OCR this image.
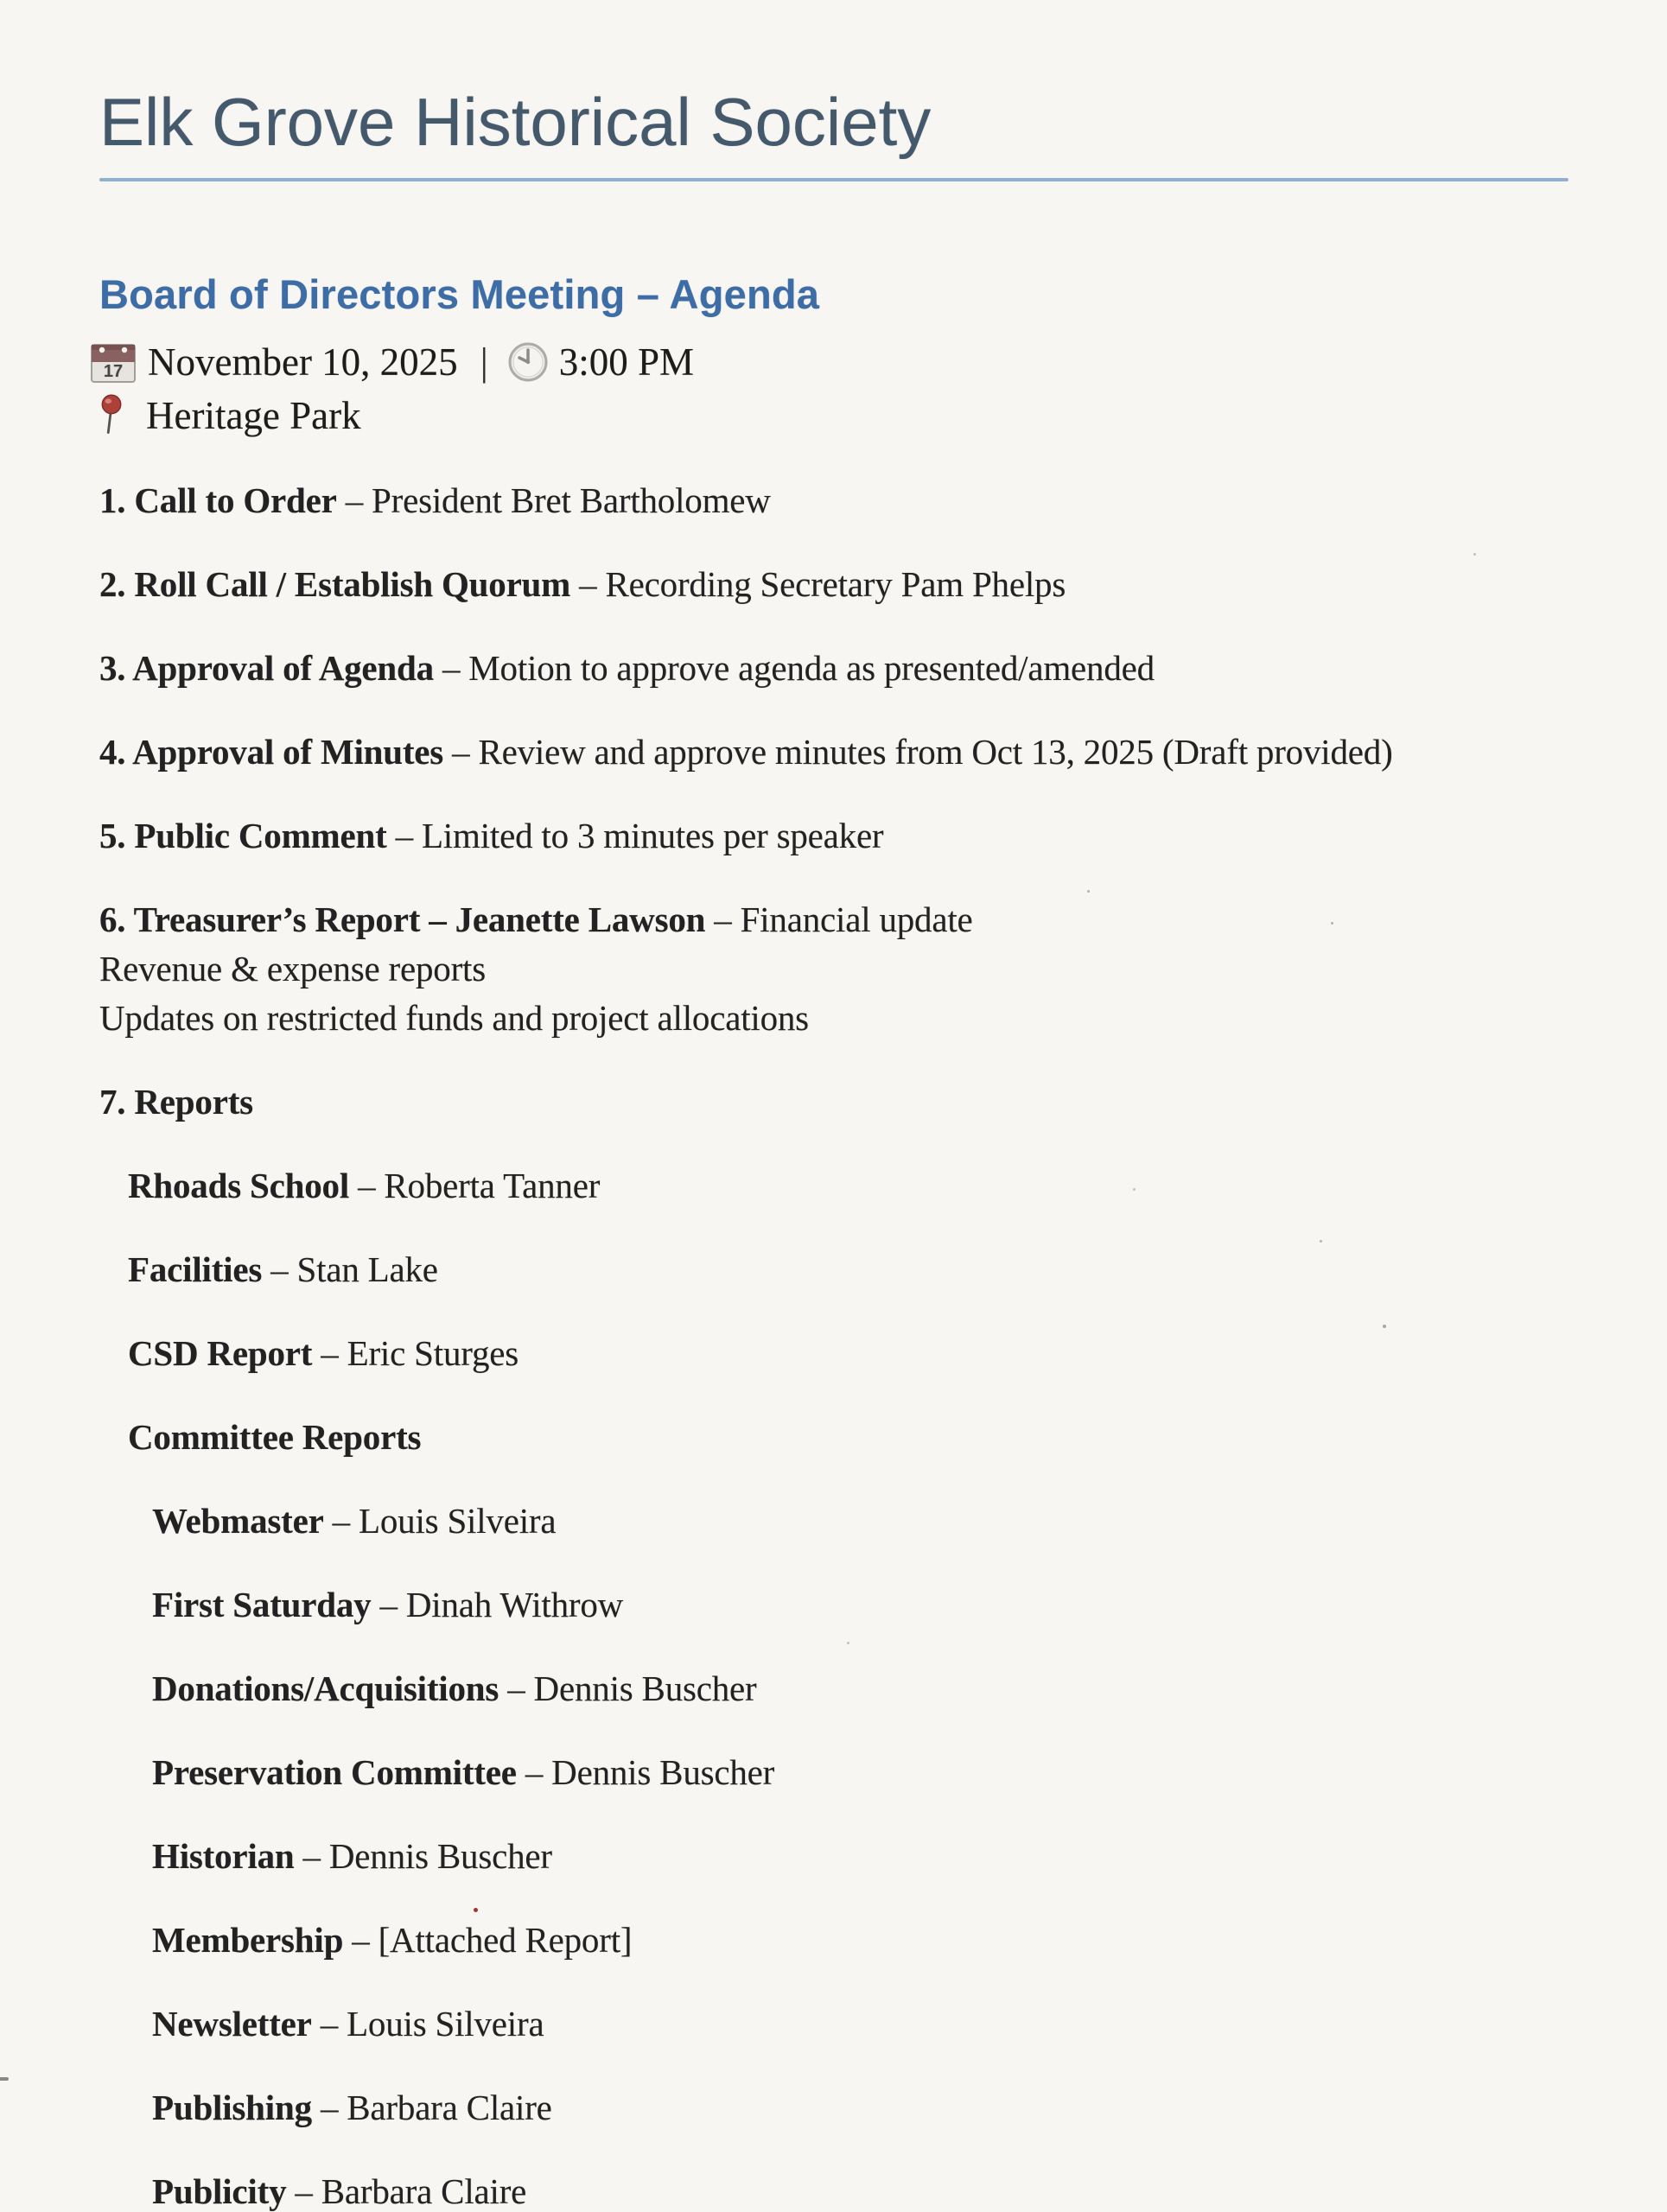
Elk Grove Historical Society
Board of Directors Meeting – Agenda
17 November 10, 2025 | 3:00 PM
Heritage Park
1. Call to Order – President Bret Bartholomew
2. Roll Call / Establish Quorum – Recording Secretary Pam Phelps
3. Approval of Agenda – Motion to approve agenda as presented/amended
4. Approval of Minutes – Review and approve minutes from Oct 13, 2025 (Draft provided)
5. Public Comment – Limited to 3 minutes per speaker
6. Treasurer’s Report – Jeanette Lawson – Financial update
Revenue & expense reports
Updates on restricted funds and project allocations
7. Reports
Rhoads School – Roberta Tanner
Facilities – Stan Lake
CSD Report – Eric Sturges
Committee Reports
Webmaster – Louis Silveira
First Saturday – Dinah Withrow
Donations/Acquisitions – Dennis Buscher
Preservation Committee – Dennis Buscher
Historian – Dennis Buscher
Membership – [Attached Report]
Newsletter – Louis Silveira
Publishing – Barbara Claire
Publicity – Barbara Claire
